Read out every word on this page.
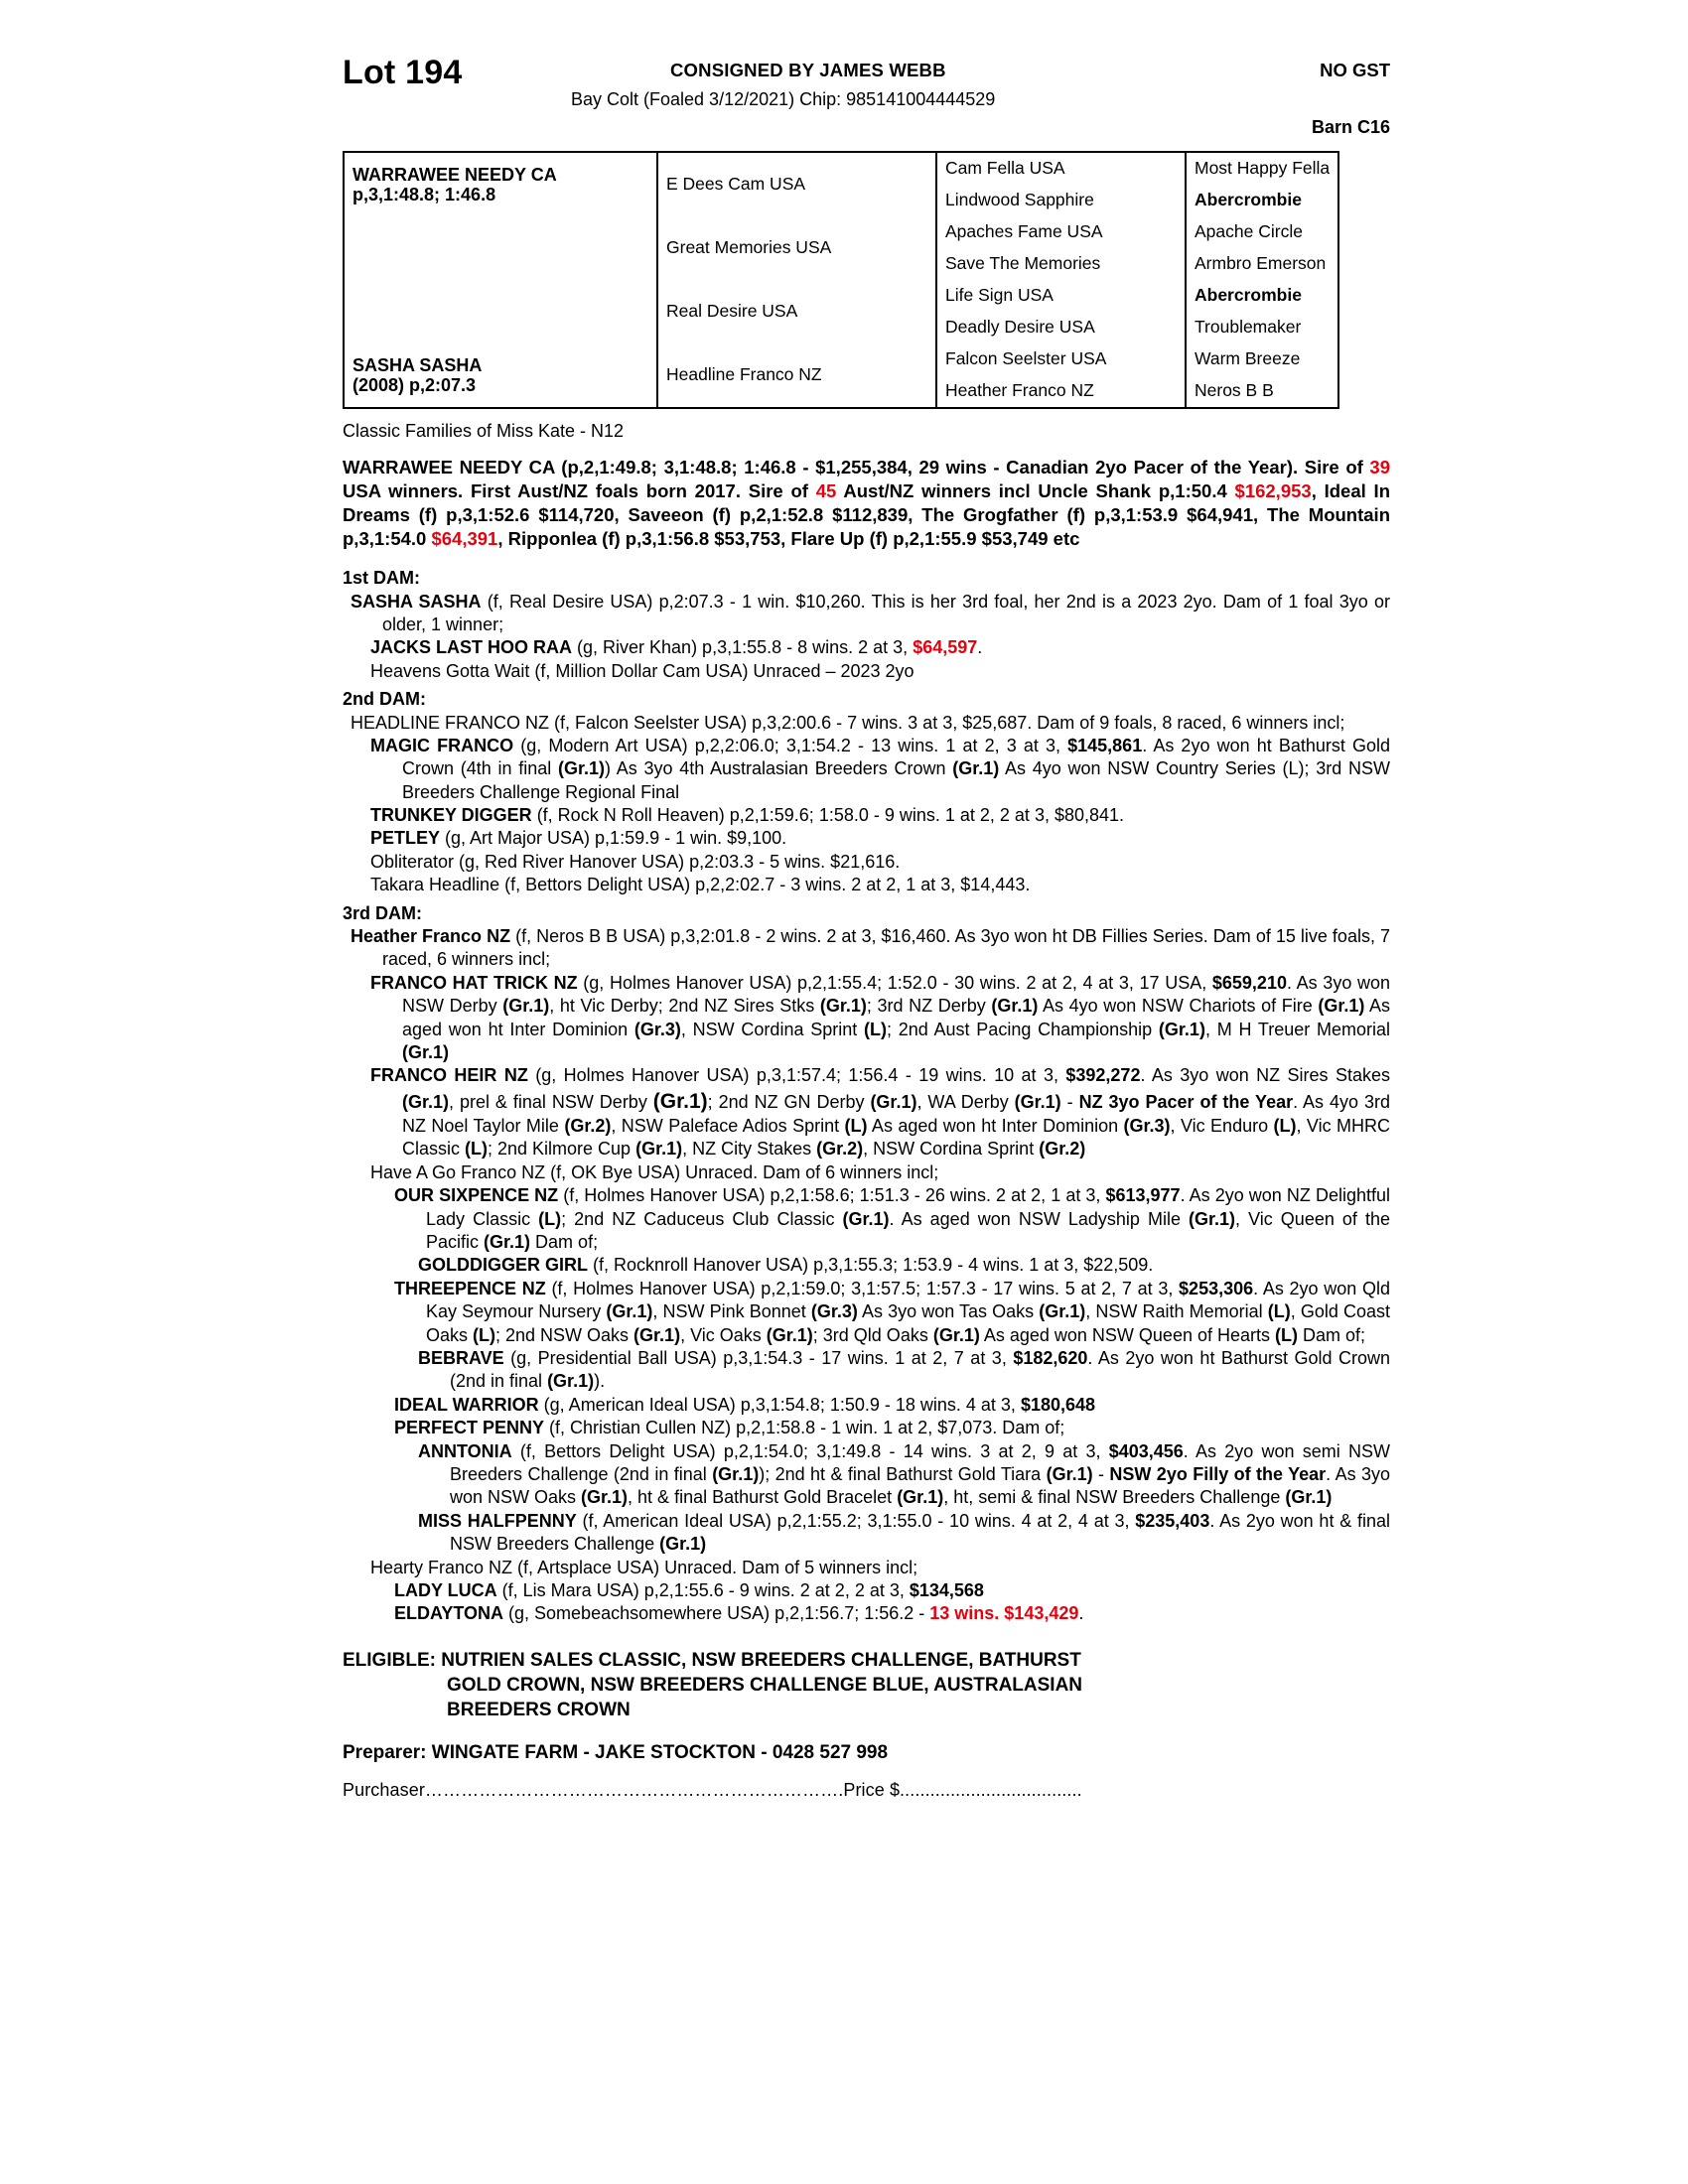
Lot 194	CONSIGNED BY JAMES WEBB	NO GST
Bay Colt (Foaled 3/12/2021) Chip: 985141004444529
Barn C16
WARRAWEE NEEDY CA
p,3,1:48.8; 1:46.8	E Dees Cam USA	Cam Fella USA	Most Happy Fella
		Lindwood Sapphire	Abercrombie
	Great Memories USA	Apaches Fame USA	Apache Circle
		Save The Memories	Armbro Emerson
	Real Desire USA	Life Sign USA	Abercrombie
		Deadly Desire USA	Troublemaker

SASHA SASHA
(2008) p,2:07.3	Headline Franco NZ	Falcon Seelster USA	Warm Breeze
		Heather Franco NZ	Neros B B
Classic Families of Miss Kate - N12
WARRAWEE NEEDY CA (p,2,1:49.8; 3,1:48.8; 1:46.8 - $1,255,384, 29 wins - Canadian 2yo Pacer of the Year). Sire of 39 USA winners. First Aust/NZ foals born 2017. Sire of 45 Aust/NZ winners incl Uncle Shank p,1:50.4 $162,953, Ideal In Dreams (f) p,3,1:52.6 $114,720, Saveeon (f) p,2,1:52.8 $112,839, The Grogfather (f) p,3,1:53.9 $64,941, The Mountain p,3,1:54.0 $64,391, Ripponlea (f) p,3,1:56.8 $53,753, Flare Up (f) p,2,1:55.9 $53,749 etc
1st DAM:

SASHA SASHA (f, Real Desire USA) p,2:07.3 - 1 win. $10,260. This is her 3rd foal, her 2nd is a 2023 2yo. Dam of 1 foal 3yo or older, 1 winner;

JACKS LAST HOO RAA (g, River Khan) p,3,1:55.8 - 8 wins. 2 at 3, $64,597.

Heavens Gotta Wait (f, Million Dollar Cam USA) Unraced – 2023 2yo

2nd DAM:

HEADLINE FRANCO NZ (f, Falcon Seelster USA) p,3,2:00.6 - 7 wins. 3 at 3, $25,687. Dam of 9 foals, 8 raced, 6 winners incl;

MAGIC FRANCO (g, Modern Art USA) p,2,2:06.0; 3,1:54.2 - 13 wins. 1 at 2, 3 at 3, $145,861. As 2yo won ht Bathurst Gold Crown (4th in final (Gr.1)) As 3yo 4th Australasian Breeders Crown (Gr.1) As 4yo won NSW Country Series (L); 3rd NSW Breeders Challenge Regional Final

TRUNKEY DIGGER (f, Rock N Roll Heaven) p,2,1:59.6; 1:58.0 - 9 wins. 1 at 2, 2 at 3, $80,841.

PETLEY (g, Art Major USA) p,1:59.9 - 1 win. $9,100.

Obliterator (g, Red River Hanover USA) p,2:03.3 - 5 wins. $21,616.

Takara Headline (f, Bettors Delight USA) p,2,2:02.7 - 3 wins. 2 at 2, 1 at 3, $14,443.

3rd DAM:

Heather Franco NZ (f, Neros B B USA) p,3,2:01.8 - 2 wins. 2 at 3, $16,460. As 3yo won ht DB Fillies Series. Dam of 15 live foals, 7 raced, 6 winners incl;

FRANCO HAT TRICK NZ (g, Holmes Hanover USA) p,2,1:55.4; 1:52.0 - 30 wins. 2 at 2, 4 at 3, 17 USA, $659,210. As 3yo won NSW Derby (Gr.1), ht Vic Derby; 2nd NZ Sires Stks (Gr.1); 3rd NZ Derby (Gr.1) As 4yo won NSW Chariots of Fire (Gr.1) As aged won ht Inter Dominion (Gr.3), NSW Cordina Sprint (L); 2nd Aust Pacing Championship (Gr.1), M H Treuer Memorial (Gr.1)

FRANCO HEIR NZ (g, Holmes Hanover USA) p,3,1:57.4; 1:56.4 - 19 wins. 10 at 3, $392,272. As 3yo won NZ Sires Stakes (Gr.1), prel & final NSW Derby (Gr.1); 2nd NZ GN Derby (Gr.1), WA Derby (Gr.1) - NZ 3yo Pacer of the Year. As 4yo 3rd NZ Noel Taylor Mile (Gr.2), NSW Paleface Adios Sprint (L) As aged won ht Inter Dominion (Gr.3), Vic Enduro (L), Vic MHRC Classic (L); 2nd Kilmore Cup (Gr.1), NZ City Stakes (Gr.2), NSW Cordina Sprint (Gr.2)

Have A Go Franco NZ (f, OK Bye USA) Unraced. Dam of 6 winners incl;

OUR SIXPENCE NZ (f, Holmes Hanover USA) p,2,1:58.6; 1:51.3 - 26 wins. 2 at 2, 1 at 3, $613,977. As 2yo won NZ Delightful Lady Classic (L); 2nd NZ Caduceus Club Classic (Gr.1). As aged won NSW Ladyship Mile (Gr.1), Vic Queen of the Pacific (Gr.1) Dam of;

GOLDDIGGER GIRL (f, Rocknroll Hanover USA) p,3,1:55.3; 1:53.9 - 4 wins. 1 at 3, $22,509.

THREEPENCE NZ (f, Holmes Hanover USA) p,2,1:59.0; 3,1:57.5; 1:57.3 - 17 wins. 5 at 2, 7 at 3, $253,306. As 2yo won Qld Kay Seymour Nursery (Gr.1), NSW Pink Bonnet (Gr.3) As 3yo won Tas Oaks (Gr.1), NSW Raith Memorial (L), Gold Coast Oaks (L); 2nd NSW Oaks (Gr.1), Vic Oaks (Gr.1); 3rd Qld Oaks (Gr.1) As aged won NSW Queen of Hearts (L) Dam of;

BEBRAVE (g, Presidential Ball USA) p,3,1:54.3 - 17 wins. 1 at 2, 7 at 3, $182,620. As 2yo won ht Bathurst Gold Crown (2nd in final (Gr.1)).

IDEAL WARRIOR (g, American Ideal USA) p,3,1:54.8; 1:50.9 - 18 wins. 4 at 3, $180,648

PERFECT PENNY (f, Christian Cullen NZ) p,2,1:58.8 - 1 win. 1 at 2, $7,073. Dam of;

ANNTONIA (f, Bettors Delight USA) p,2,1:54.0; 3,1:49.8 - 14 wins. 3 at 2, 9 at 3, $403,456. As 2yo won semi NSW Breeders Challenge (2nd in final (Gr.1)); 2nd ht & final Bathurst Gold Tiara (Gr.1) - NSW 2yo Filly of the Year. As 3yo won NSW Oaks (Gr.1), ht & final Bathurst Gold Bracelet (Gr.1), ht, semi & final NSW Breeders Challenge (Gr.1)

MISS HALFPENNY (f, American Ideal USA) p,2,1:55.2; 3,1:55.0 - 10 wins. 4 at 2, 4 at 3, $235,403. As 2yo won ht & final NSW Breeders Challenge (Gr.1)

Hearty Franco NZ (f, Artsplace USA) Unraced. Dam of 5 winners incl;

LADY LUCA (f, Lis Mara USA) p,2,1:55.6 - 9 wins. 2 at 2, 2 at 3, $134,568

ELDAYTONA (g, Somebeachsomewhere USA) p,2,1:56.7; 1:56.2 - 13 wins. $143,429.

ELIGIBLE: NUTRIEN SALES CLASSIC, NSW BREEDERS CHALLENGE, BATHURST
GOLD CROWN, NSW BREEDERS CHALLENGE BLUE, AUSTRALASIAN
BREEDERS CROWN
Preparer: WINGATE FARM - JAKE STOCKTON - 0428 527 998
Purchaser…………………………………………………………….Price $....................................
